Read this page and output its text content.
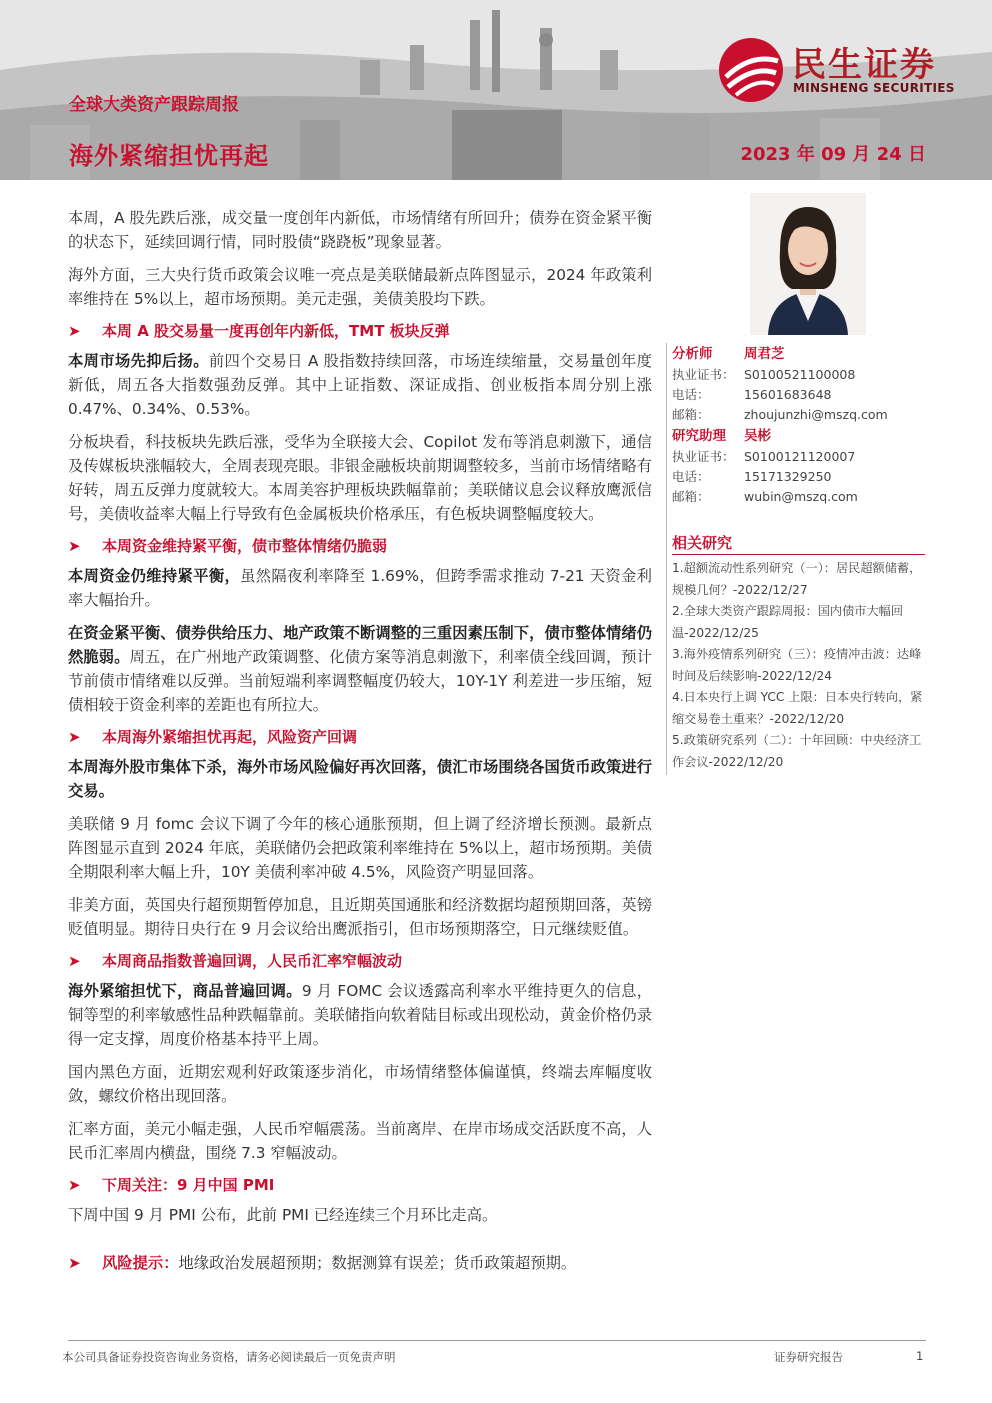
民生证券
MINSHENG SECURITIES
全球大类资产跟踪周报
海外紧缩担忧再起	2023 年 09 月 24 日

本周，A 股先跌后涨，成交量一度创年内新低，市场情绪有所回升；债券在资金紧平衡的状态下，延续回调行情，同时股债“跷跷板”现象显著。

海外方面，三大央行货币政策会议唯一亮点是美联储最新点阵图显示，2024 年政策利率维持在 5%以上，超市场预期。美元走强，美债美股均下跌。

➤ 本周 A 股交易量一度再创年内新低，TMT 板块反弹

本周市场先抑后扬。前四个交易日 A 股指数持续回落，市场连续缩量，交易量创年度新低，周五各大指数强劲反弹。其中上证指数、深证成指、创业板指本周分别上涨 0.47%、0.34%、0.53%。

分板块看，科技板块先跌后涨，受华为全联接大会、Copilot 发布等消息刺激下，通信及传媒板块涨幅较大，全周表现亮眼。非银金融板块前期调整较多，当前市场情绪略有好转，周五反弹力度就较大。本周美容护理板块跌幅靠前；美联储议息会议释放鹰派信号，美债收益率大幅上行导致有色金属板块价格承压，有色板块调整幅度较大。

➤ 本周资金维持紧平衡，债市整体情绪仍脆弱

本周资金仍维持紧平衡，虽然隔夜利率降至 1.69%，但跨季需求推动 7-21 天资金利率大幅抬升。

在资金紧平衡、债券供给压力、地产政策不断调整的三重因素压制下，债市整体情绪仍然脆弱。周五，在广州地产政策调整、化债方案等消息刺激下，利率债全线回调，预计节前债市情绪难以反弹。当前短端利率调整幅度仍较大，10Y-1Y 利差进一步压缩，短债相较于资金利率的差距也有所拉大。

➤ 本周海外紧缩担忧再起，风险资产回调

本周海外股市集体下杀，海外市场风险偏好再次回落，债汇市场围绕各国货币政策进行交易。

美联储 9 月 fomc 会议下调了今年的核心通胀预期，但上调了经济增长预测。最新点阵图显示直到 2024 年底，美联储仍会把政策利率维持在 5%以上，超市场预期。美债全期限利率大幅上升，10Y 美债利率冲破 4.5%，风险资产明显回落。

非美方面，英国央行超预期暂停加息，且近期英国通胀和经济数据均超预期回落，英镑贬值明显。期待日央行在 9 月会议给出鹰派指引，但市场预期落空，日元继续贬值。

➤ 本周商品指数普遍回调，人民币汇率窄幅波动

海外紧缩担忧下，商品普遍回调。9 月 FOMC 会议透露高利率水平维持更久的信息，铜等型的利率敏感性品种跌幅靠前。美联储指向软着陆目标或出现松动，黄金价格仍录得一定支撑，周度价格基本持平上周。

国内黑色方面，近期宏观利好政策逐步消化，市场情绪整体偏谨慎，终端去库幅度收敛，螺纹价格出现回落。

汇率方面，美元小幅走强，人民币窄幅震荡。当前离岸、在岸市场成交活跃度不高，人民币汇率周内横盘，围绕 7.3 窄幅波动。

➤ 下周关注：9 月中国 PMI

下周中国 9 月 PMI 公布，此前 PMI 已经连续三个月环比走高。

➤ 风险提示：地缘政治发展超预期；数据测算有误差；货币政策超预期。
分析师 周君芝
执业证书： S0100521100008
电话：	15601683648
邮箱：	zhoujunzhi@mszq.com
研究助理 吴彬
执业证书： S0100121120007
电话：	15171329250
邮箱：	wubin@mszq.com
相关研究
1.超额流动性系列研究（一）：居民超额储蓄，规模几何？-2022/12/27
2.全球大类资产跟踪周报：国内债市大幅回温-2022/12/25
3.海外疫情系列研究（三）：疫情冲击波：达峰时间及后续影响-2022/12/24
4.日本央行上调 YCC 上限：日本央行转向，紧缩交易卷土重来？-2022/12/20
5.政策研究系列（二）：十年回顾：中央经济工作会议-2022/12/20
本公司具备证券投资咨询业务资格，请务必阅读最后一页免责声明	证券研究报告	1
